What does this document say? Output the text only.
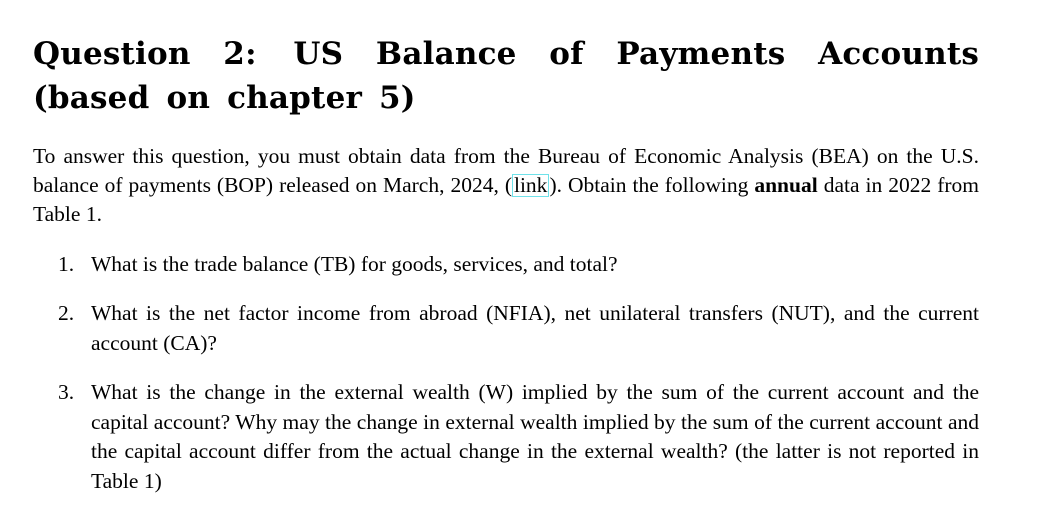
Question 2: US Balance of Payments Accounts (based on chapter 5)

To answer this question, you must obtain data from the Bureau of Economic Analysis (BEA) on the U.S. balance of payments (BOP) released on March, 2024, (link). Obtain the following annual data in 2022 from Table 1.

1. What is the trade balance (TB) for goods, services, and total?
2. What is the net factor income from abroad (NFIA), net unilateral transfers (NUT), and the current account (CA)?
3. What is the change in the external wealth (W) implied by the sum of the current account and the capital account? Why may the change in external wealth implied by the sum of the current account and the capital account differ from the actual change in the external wealth? (the latter is not reported in Table 1)
